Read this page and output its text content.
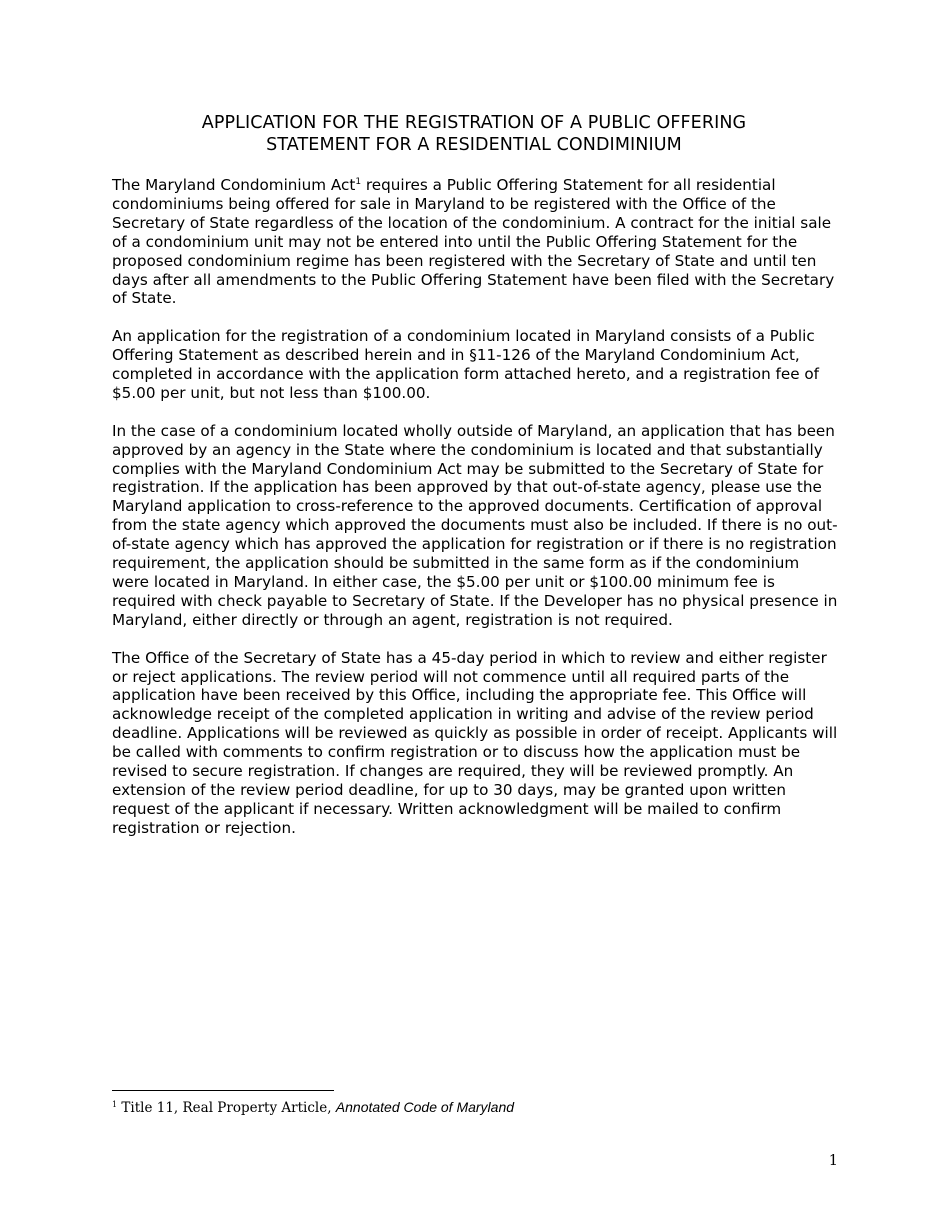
APPLICATION FOR THE REGISTRATION OF A PUBLIC OFFERING
STATEMENT FOR A RESIDENTIAL CONDIMINIUM

The Maryland Condominium Act$^1$ requires a Public Offering Statement for all residential condominiums being offered for sale in Maryland to be registered with the Office of the Secretary of State regardless of the location of the condominium. A contract for the initial sale of a condominium unit may not be entered into until the Public Offering Statement for the proposed condominium regime has been registered with the Secretary of State and until ten days after all amendments to the Public Offering Statement have been filed with the Secretary of State.

An application for the registration of a condominium located in Maryland consists of a Public Offering Statement as described herein and in §11-126 of the Maryland Condominium Act, completed in accordance with the application form attached hereto, and a registration fee of $5.00 per unit, but not less than $100.00.

In the case of a condominium located wholly outside of Maryland, an application that has been approved by an agency in the State where the condominium is located and that substantially complies with the Maryland Condominium Act may be submitted to the Secretary of State for registration. If the application has been approved by that out-of-state agency, please use the Maryland application to cross-reference to the approved documents. Certification of approval from the state agency which approved the documents must also be included. If there is no out-of-state agency which has approved the application for registration or if there is no registration requirement, the application should be submitted in the same form as if the condominium were located in Maryland. In either case, the $5.00 per unit or $100.00 minimum fee is required with check payable to Secretary of State. If the Developer has no physical presence in Maryland, either directly or through an agent, registration is not required.

The Office of the Secretary of State has a 45-day period in which to review and either register or reject applications. The review period will not commence until all required parts of the application have been received by this Office, including the appropriate fee. This Office will acknowledge receipt of the completed application in writing and advise of the review period deadline. Applications will be reviewed as quickly as possible in order of receipt. Applicants will be called with comments to confirm registration or to discuss how the application must be revised to secure registration. If changes are required, they will be reviewed promptly. An extension of the review period deadline, for up to 30 days, may be granted upon written request of the applicant if necessary. Written acknowledgment will be mailed to confirm registration or rejection.

$^1$ Title 11, Real Property Article, Annotated Code of Maryland
1
